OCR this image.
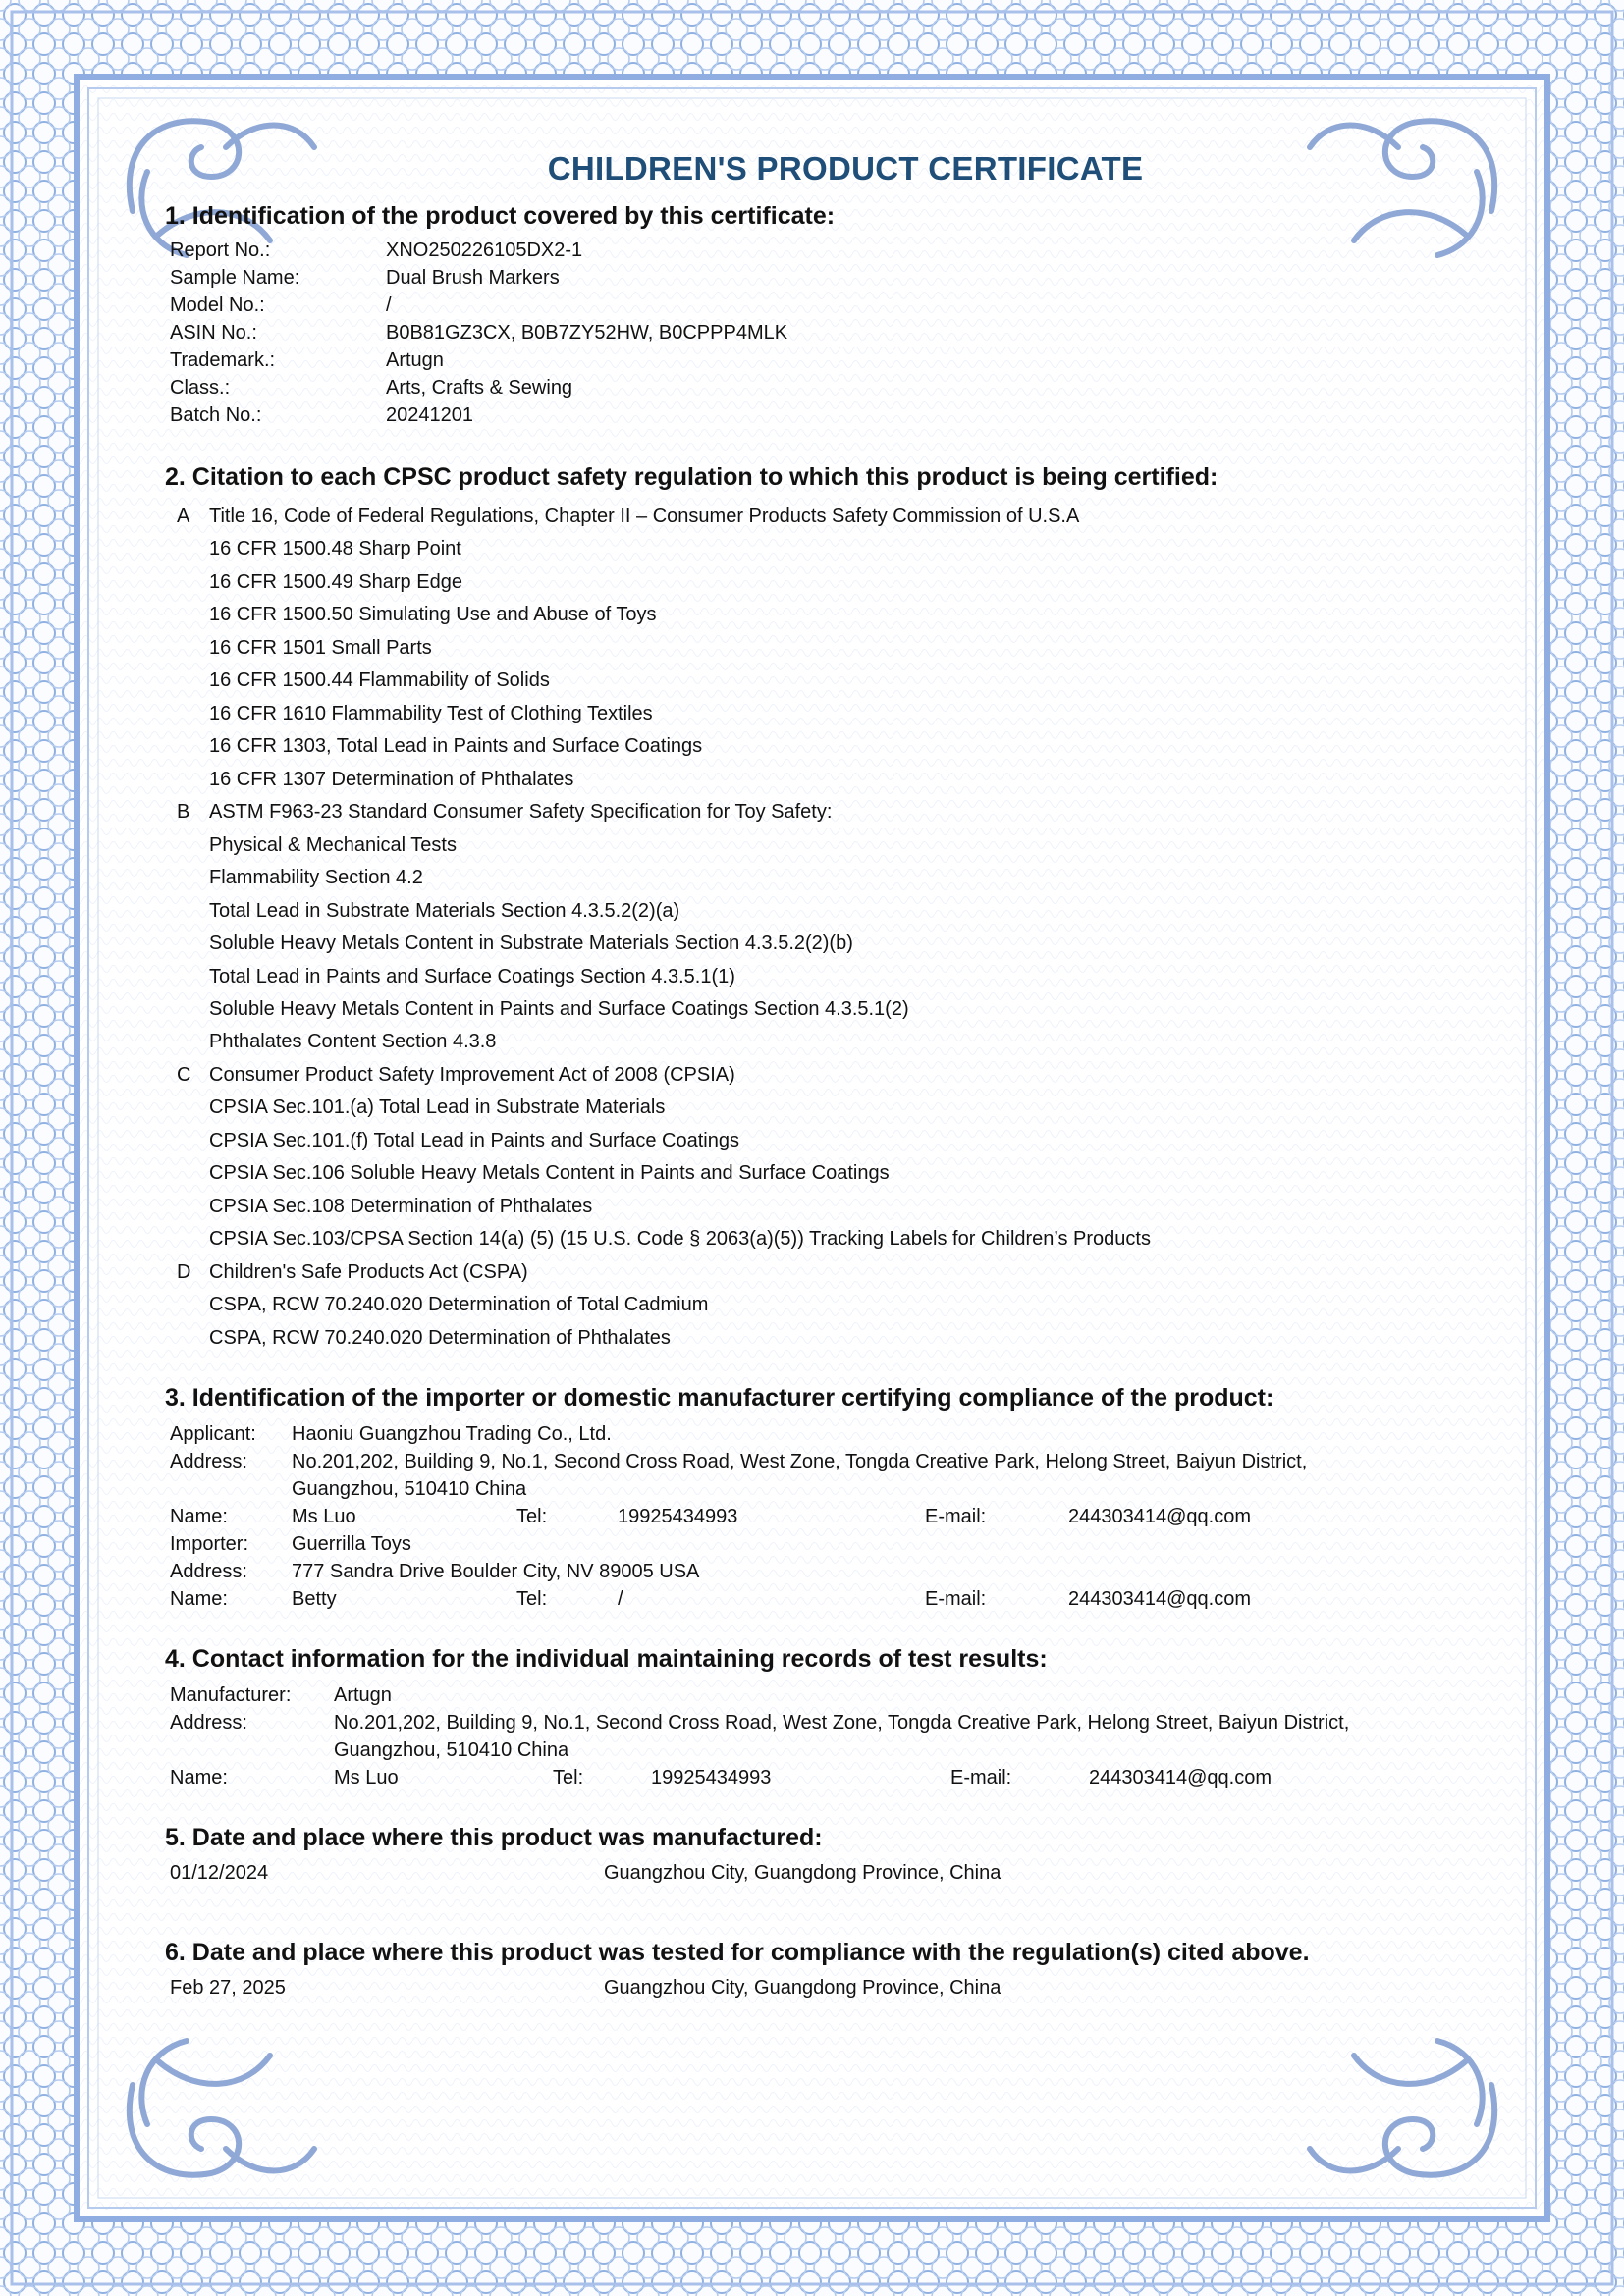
CHILDREN'S PRODUCT CERTIFICATE
1. Identification of the product covered by this certificate:
Report No.:	XNO250226105DX2-1
Sample Name:	Dual Brush Markers
Model No.:	/
ASIN No.:	B0B81GZ3CX, B0B7ZY52HW, B0CPPP4MLK
Trademark.:	Artugn
Class.:	Arts, Crafts & Sewing
Batch No.:	20241201
2. Citation to each CPSC product safety regulation to which this product is being certified:
A Title 16, Code of Federal Regulations, Chapter II – Consumer Products Safety Commission of U.S.A
16 CFR 1500.48 Sharp Point
16 CFR 1500.49 Sharp Edge
16 CFR 1500.50 Simulating Use and Abuse of Toys
16 CFR 1501 Small Parts
16 CFR 1500.44 Flammability of Solids
16 CFR 1610 Flammability Test of Clothing Textiles
16 CFR 1303, Total Lead in Paints and Surface Coatings
16 CFR 1307 Determination of Phthalates
B ASTM F963-23 Standard Consumer Safety Specification for Toy Safety:
Physical & Mechanical Tests
Flammability Section 4.2
Total Lead in Substrate Materials Section 4.3.5.2(2)(a)
Soluble Heavy Metals Content in Substrate Materials Section 4.3.5.2(2)(b)
Total Lead in Paints and Surface Coatings Section 4.3.5.1(1)
Soluble Heavy Metals Content in Paints and Surface Coatings Section 4.3.5.1(2)
Phthalates Content Section 4.3.8
C Consumer Product Safety Improvement Act of 2008 (CPSIA)
CPSIA Sec.101.(a) Total Lead in Substrate Materials
CPSIA Sec.101.(f) Total Lead in Paints and Surface Coatings
CPSIA Sec.106 Soluble Heavy Metals Content in Paints and Surface Coatings
CPSIA Sec.108 Determination of Phthalates
CPSIA Sec.103/CPSA Section 14(a) (5) (15 U.S. Code § 2063(a)(5)) Tracking Labels for Children’s Products
D Children's Safe Products Act (CSPA)
CSPA, RCW 70.240.020 Determination of Total Cadmium
CSPA, RCW 70.240.020 Determination of Phthalates
3. Identification of the importer or domestic manufacturer certifying compliance of the product:
Applicant: Haoniu Guangzhou Trading Co., Ltd.
Address: No.201,202, Building 9, No.1, Second Cross Road, West Zone, Tongda Creative Park, Helong Street, Baiyun District,
Guangzhou, 510410 China
Name:	Ms Luo	Tel:	19925434993	E-mail:	244303414@qq.com
Importer: Guerrilla Toys
Address: 777 Sandra Drive Boulder City, NV 89005 USA
Name:	Betty	Tel:	/	E-mail:	244303414@qq.com
4. Contact information for the individual maintaining records of test results:
Manufacturer: Artugn
Address:	No.201,202, Building 9, No.1, Second Cross Road, West Zone, Tongda Creative Park, Helong Street, Baiyun District,
Guangzhou, 510410 China
Name:	Ms Luo	Tel:	19925434993	E-mail:	244303414@qq.com
5. Date and place where this product was manufactured:
01/12/2024	Guangzhou City, Guangdong Province, China
6. Date and place where this product was tested for compliance with the regulation(s) cited above.
Feb 27, 2025	Guangzhou City, Guangdong Province, China
